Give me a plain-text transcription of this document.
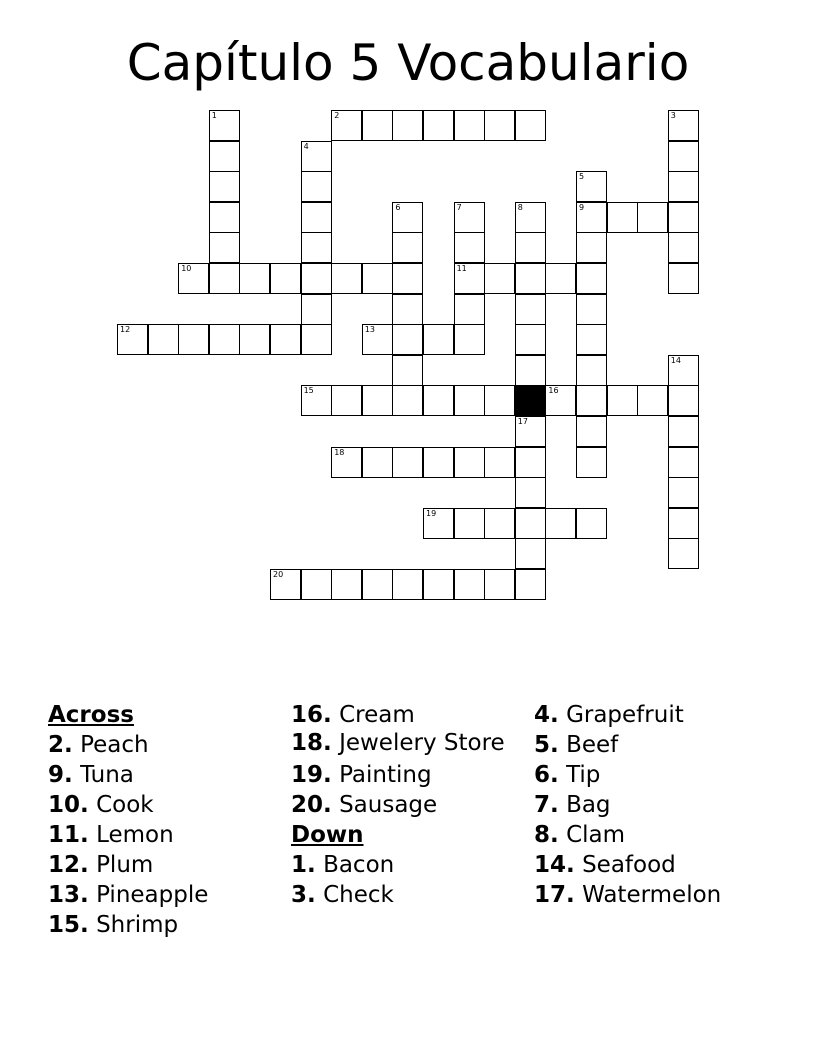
Capítulo 5 Vocabulario
1	2	3
4
5
9
6	7
11
8
10
12	13
14
15	16
17
18
19
20
Across
2. Peach
9. Tuna
10. Cook
11. Lemon
12. Plum
13. Pineapple
15. Shrimp
16. Cream
18. Jewelery Store
19. Painting
20. Sausage
Down
1. Bacon
3. Check
4. Grapefruit
5. Beef
6. Tip
7. Bag
8. Clam
14. Seafood
17. Watermelon
